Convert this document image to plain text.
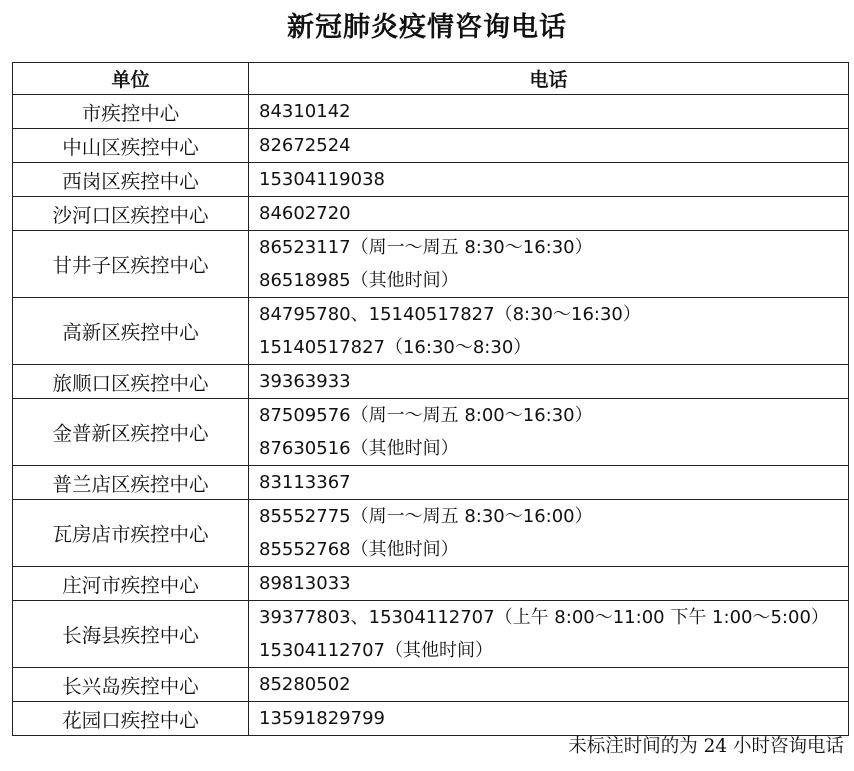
新冠肺炎疫情咨询电话
单位	电话
市疾控中心	84310142

中山区疾控中心	82672524

西岗区疾控中心	15304119038

沙河口区疾控中心	84602720

甘井子区疾控中心	86523117（周一～周五 8:30～16:30）
86518985（其他时间）

高新区疾控中心	84795780、15140517827（8:30～16:30）
15140517827（16:30～8:30）

旅顺口区疾控中心	39363933

金普新区疾控中心	87509576（周一～周五 8:00～16:30）
87630516（其他时间）

普兰店区疾控中心	83113367

瓦房店市疾控中心	85552775（周一～周五 8:30～16:00）
85552768（其他时间）

庄河市疾控中心	89813033

长海县疾控中心	39377803、15304112707（上午 8:00～11:00 下午 1:00～5:00）
15304112707（其他时间）

长兴岛疾控中心	85280502

花园口疾控中心	13591829799
未标注时间的为 24 小时咨询电话
